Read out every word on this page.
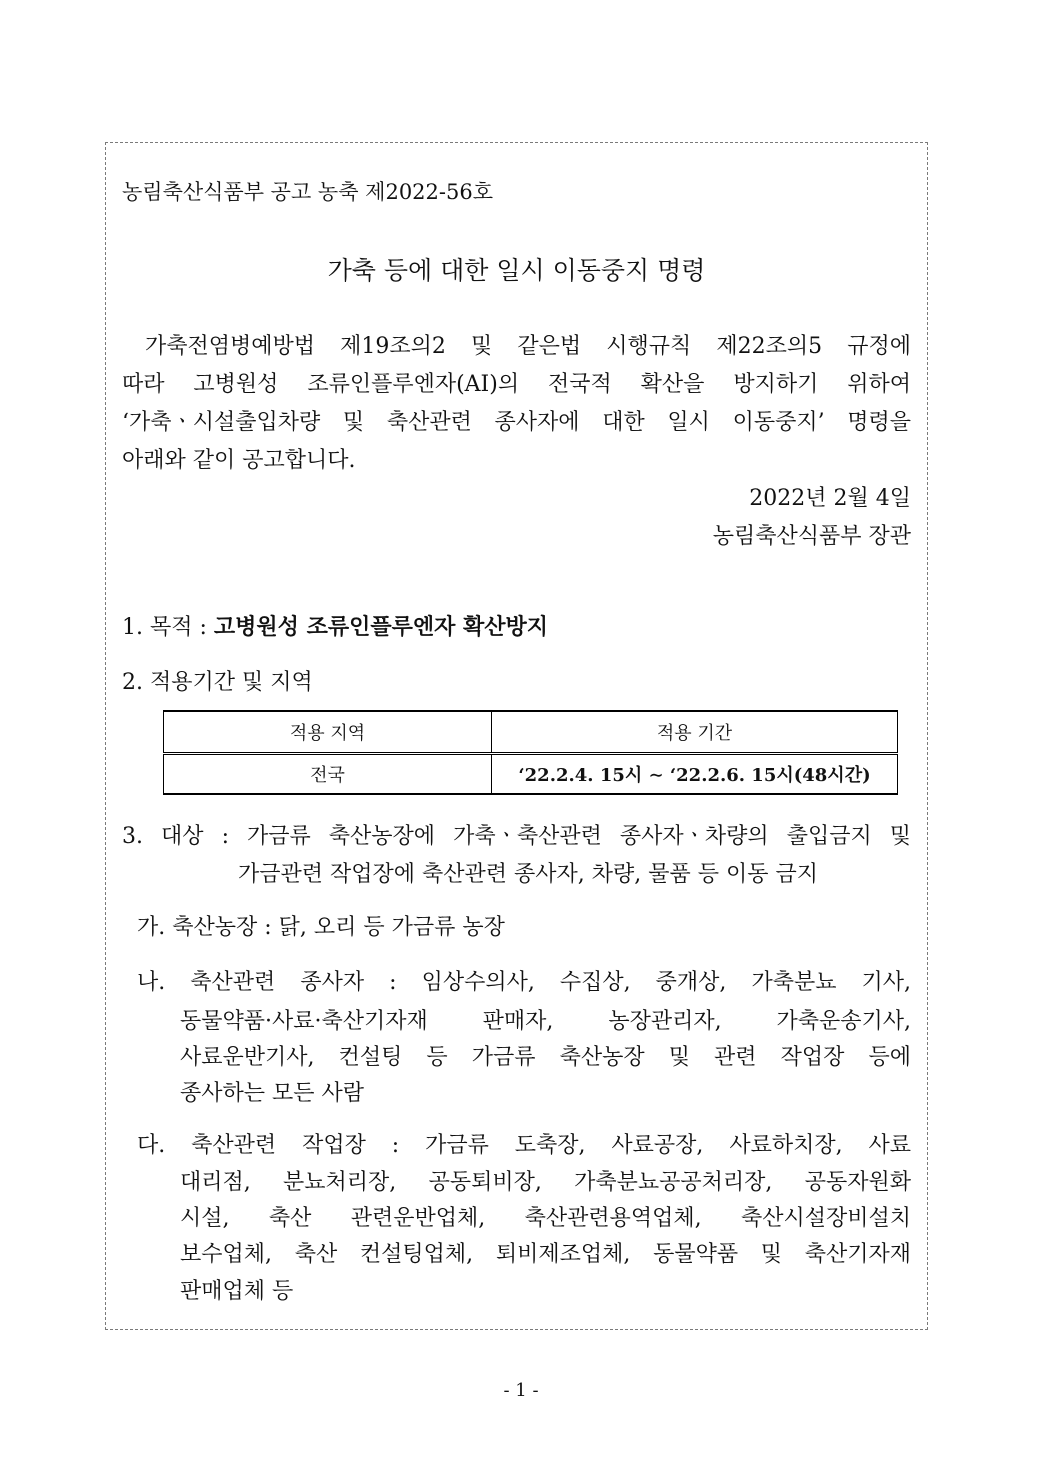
농림축산식품부 공고 농축 제2022-56호
가축 등에 대한 일시 이동중지 명령
가축전염병예방법 제19조의2 및 같은법 시행규칙 제22조의5 규정에
따라 고병원성 조류인플루엔자(AI)의 전국적 확산을 방지하기 위하여
‘가축ㆍ시설출입차량 및 축산관련 종사자에 대한 일시 이동중지’ 명령을
아래와 같이 공고합니다.
2022년 2월 4일
농림축산식품부 장관
1. 목적 : 고병원성 조류인플루엔자 확산방지
2. 적용기간 및 지역
적용 지역	적용 기간
전국	‘22.2.4. 15시 ∼ ‘22.2.6. 15시(48시간)
3. 대상 : 가금류 축산농장에 가축ㆍ축산관련 종사자ㆍ차량의 출입금지 및
가금관련 작업장에 축산관련 종사자, 차량, 물품 등 이동 금지
가. 축산농장 : 닭, 오리 등 가금류 농장
나. 축산관련 종사자 : 임상수의사, 수집상, 중개상, 가축분뇨 기사,
동물약품·사료·축산기자재 판매자, 농장관리자, 가축운송기사,
사료운반기사, 컨설팅 등 가금류 축산농장 및 관련 작업장 등에
종사하는 모든 사람
다. 축산관련 작업장 : 가금류 도축장, 사료공장, 사료하치장, 사료
대리점, 분뇨처리장, 공동퇴비장, 가축분뇨공공처리장, 공동자원화
시설, 축산 관련운반업체, 축산관련용역업체, 축산시설장비설치
보수업체, 축산 컨설팅업체, 퇴비제조업체, 동물약품 및 축산기자재
판매업체 등
- 1 -
